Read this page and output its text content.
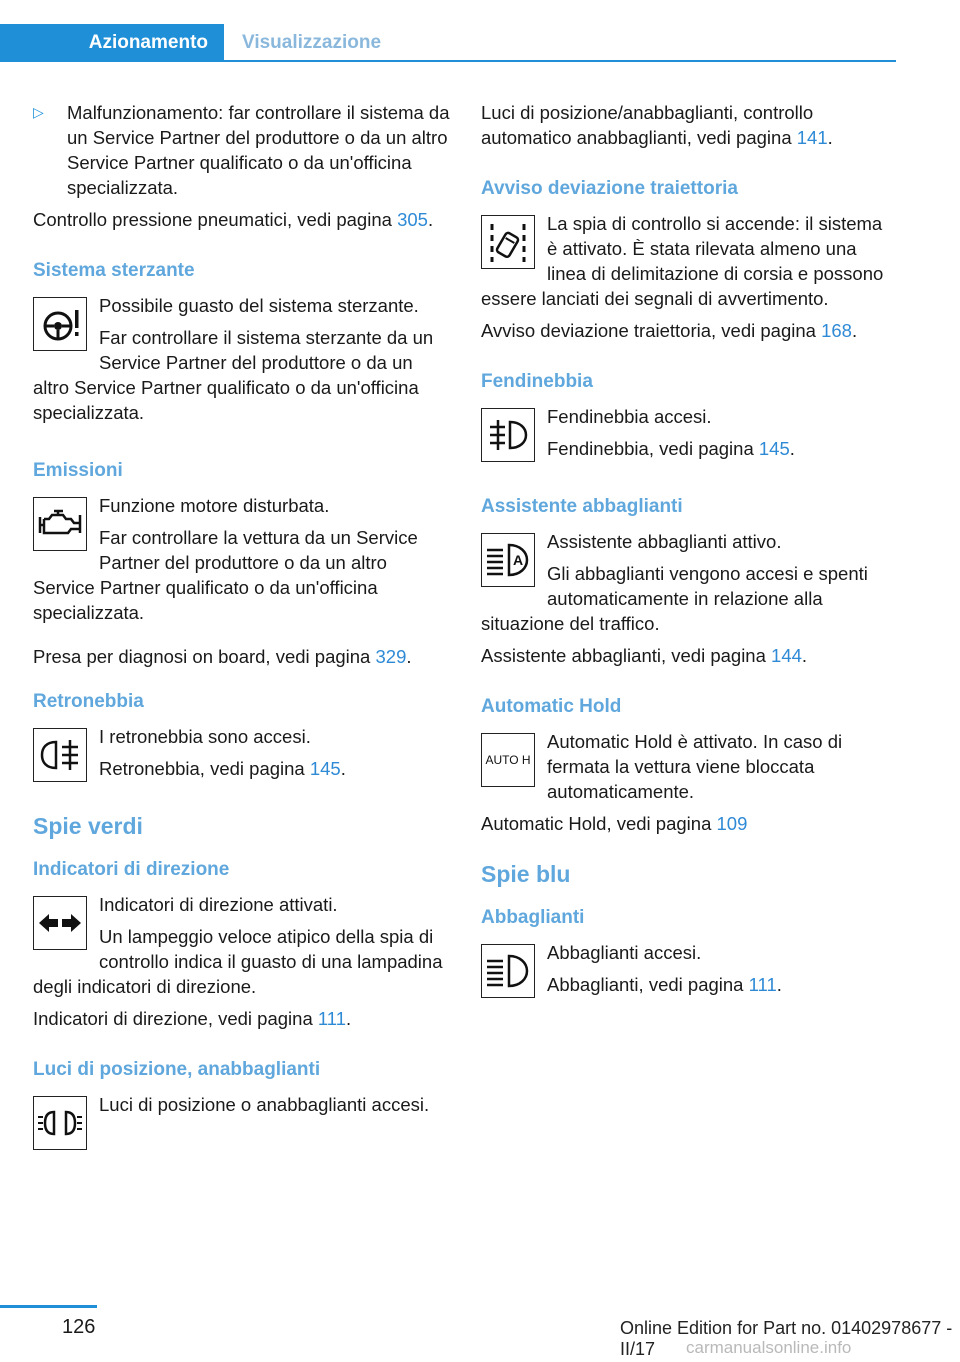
Azionamento	Visualizzazione

▷ Malfunzionamento: far controllare il sistema da un Service Partner del produttore o da un altro Service Partner qualificato o da un'officina specializzata.

Controllo pressione pneumatici, vedi pagina 305.

Sistema sterzante

Possibile guasto del sistema sterzante.

Far controllare il sistema sterzante da un Service Partner del produttore o da un altro Service Partner qualificato o da un'officina specializzata.

Emissioni

Funzione motore disturbata.

Far controllare la vettura da un Service Partner del produttore o da un altro Service Partner qualificato o da un'officina specializzata.

Presa per diagnosi on board, vedi pagina 329.

Retronebbia

I retronebbia sono accesi.

Retronebbia, vedi pagina 145.

Spie verdi
Indicatori di direzione

Indicatori di direzione attivati.

Un lampeggio veloce atipico della spia di controllo indica il guasto di una lampadina degli indicatori di direzione.

Indicatori di direzione, vedi pagina 111.

Luci di posizione, anabbaglianti

Luci di posizione o anabbaglianti accesi.

Luci di posizione/anabbaglianti, controllo automatico anabbaglianti, vedi pagina 141.

Avviso deviazione traiettoria

La spia di controllo si accende: il sistema è attivato. È stata rilevata almeno una linea di delimitazione di corsia e possono essere lanciati dei segnali di avvertimento.

Avviso deviazione traiettoria, vedi pagina 168.

Fendinebbia

Fendinebbia accesi.

Fendinebbia, vedi pagina 145.

Assistente abbaglianti
A

Assistente abbaglianti attivo.

Gli abbaglianti vengono accesi e spenti automaticamente in relazione alla situazione del traffico.

Assistente abbaglianti, vedi pagina 144.

Automatic Hold
AUTO H

Automatic Hold è attivato. In caso di fermata la vettura viene bloccata automaticamente.

Automatic Hold, vedi pagina 109

Spie blu
Abbaglianti

Abbaglianti accesi.

Abbaglianti, vedi pagina 111.

126	Online Edition for Part no. 01402978677 - II/17	carmanualsonline.info
